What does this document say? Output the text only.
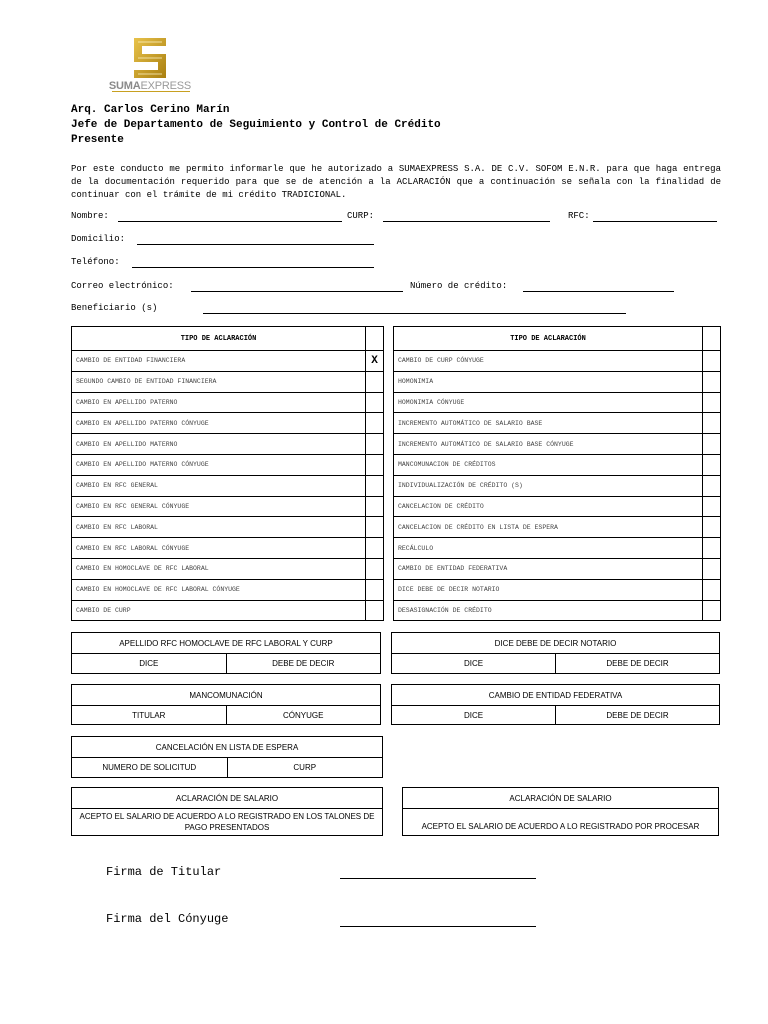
SUMAEXPRESS
Arq. Carlos Cerino Marín
Jefe de Departamento de Seguimiento y Control de Crédito
Presente
Por este conducto me permito informarle que he autorizado a SUMAEXPRESS S.A. DE C.V. SOFOM E.N.R. para que haga entrega de la documentación requerido para que se de atención a la ACLARACIÓN que a continuación se señala con la finalidad de continuar con el trámite de mi crédito TRADICIONAL.
Nombre:	CURP:	RFC:
Domicilio:
Teléfono:
Correo electrónico:	Número de crédito:
Beneficiario (s)
TIPO DE ACLARACIÓN	
CAMBIO DE ENTIDAD FINANCIERA	X
SEGUNDO CAMBIO DE ENTIDAD FINANCIERA	
CAMBIO EN APELLIDO PATERNO	
CAMBIO EN APELLIDO PATERNO CÓNYUGE	
CAMBIO EN APELLIDO MATERNO	
CAMBIO EN APELLIDO MATERNO CÓNYUGE	
CAMBIO EN RFC GENERAL	
CAMBIO EN RFC GENERAL CÓNYUGE	
CAMBIO EN RFC LABORAL	
CAMBIO EN RFC LABORAL CÓNYUGE	
CAMBIO EN HOMOCLAVE DE RFC LABORAL	
CAMBIO EN HOMOCLAVE DE RFC LABORAL CÓNYUGE	
CAMBIO DE CURP	
TIPO DE ACLARACIÓN	
CAMBIO DE CURP CÓNYUGE	
HOMONIMIA	
HOMONIMIA CÓNYUGE	
INCREMENTO AUTOMÁTICO DE SALARIO BASE	
INCREMENTO AUTOMÁTICO DE SALARIO BASE CÓNYUGE	
MANCOMUNACION DE CRÉDITOS	
INDIVIDUALIZACIÓN DE CRÉDITO (S)	
CANCELACION DE CRÉDITO	
CANCELACION DE CRÉDITO EN LISTA DE ESPERA	
RECÁLCULO	
CAMBIO DE ENTIDAD FEDERATIVA	
DICE DEBE DE DECIR NOTARIO	
DESASIGNACIÓN DE CRÉDITO	
APELLIDO RFC HOMOCLAVE DE RFC LABORAL Y CURP
DICE	DEBE DE DECIR
DICE DEBE DE DECIR NOTARIO
DICE	DEBE DE DECIR
MANCOMUNACIÓN
TITULAR	CÓNYUGE
CAMBIO DE ENTIDAD FEDERATIVA
DICE	DEBE DE DECIR
CANCELACIÓN EN LISTA DE ESPERA
NUMERO DE SOLICITUD	CURP
ACLARACIÓN DE SALARIO
ACEPTO EL SALARIO DE ACUERDO A LO REGISTRADO EN LOS TALONES DE PAGO PRESENTADOS
ACLARACIÓN DE SALARIO
ACEPTO EL SALARIO DE ACUERDO A LO REGISTRADO POR PROCESAR
Firma de Titular
Firma del Cónyuge
